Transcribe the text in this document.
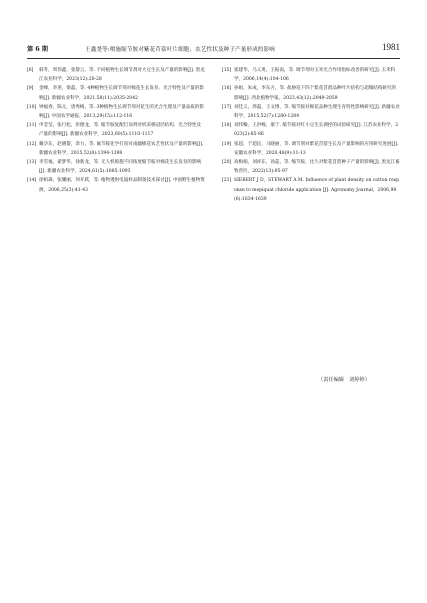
第 6 期	王鑫尧等:喷施缩节胺对紫花苜蓿叶片细胞、农艺性状及种子产量形成的影响	1981
[8]	韩冬，周伟鑫，张黎云，等. 不同植物生长调节剂对大豆生长及产量的影响[J]. 黑龙江农业科学，2023(12):20-28
[9]	金峰，李进，梁磊，等. 4种植物生长调节剂对棉花生长发育、光合特性及产量的影响[J]. 新疆农业科学，2021,58(11):2035-2042
[10] 钟福春，陈元，唐秀梅，等. 3种植物生长调节剂对花生的光合生理及产量品质的影响[J]. 中国农学通报，2013,29(15):112-116
[11] 申莹莹，张行松，彭德龙，等. 缩节胺复配打顶剂对机采棉冠层结构、光合特性及产量的影响[J]. 新疆农业科学，2023,60(5):1110-1117
[12] 戴孕东，赵晓黎，余力，等. 氟节胺化学打顶对南疆棉花农艺性状及产量的影响[J]. 新疆农业科学，2015,52(8):1394-1398
[13] 李雪福，翟梦华，徐新龙，等. 无人机喷施不同浓度缩节胺对棉花生长发育的影响[J]. 新疆农业科学，2024,61(5):1085-1093
[14] 徐柏森，张耀丽，何开跃，等. 植物透射电镜样品制备技术探讨[J]. 中国野生植物资源，2006,25(3):41-43
[15] 张建华，马义勇，王振南，等. 调节剂对玉米光合作用指标改善的研究[J]. 玉米科学，2006,14(4):104-106
[16] 孙娟，朱成，李东方，等. 盐胁迫下四个紫花苜蓿品种叶片结构与超微结构研究的影响[J]. 西北植物学报，2023,43(12):2049-2059
[17] 刘佳义，周磊，王文博，等. 缩节胺对棉花品种生理生育特性影响研究[J]. 新疆农业科学，2015,52(7):1280-1284
[18] 刘伟臻，王洪峻，康宁. 缩节胺对红小豆生长调控的试验研究[J]. 江苏农业科学，2023(2):85-86
[19] 张超，于超民，马晓丽，等. 调节剂对紫花苜蓿生长及产量影响的应用研究进展[J]. 安徽农业科学，2020,48(9):11-13
[20] 高梅娟，刘祥东，孙蕊，等. 缩节胺、比久对紫花苜蓿种子产量的影响[J]. 黑龙江畜牧兽医，2022(13):95-97
[21] SIEBERT J D，STEWART A M. Influence of plant density on cotton response to mepiquat chloride application [J]. Agronomy Journal，2006,98(6):1634-1639
（责任编辑　刘婷婷）
